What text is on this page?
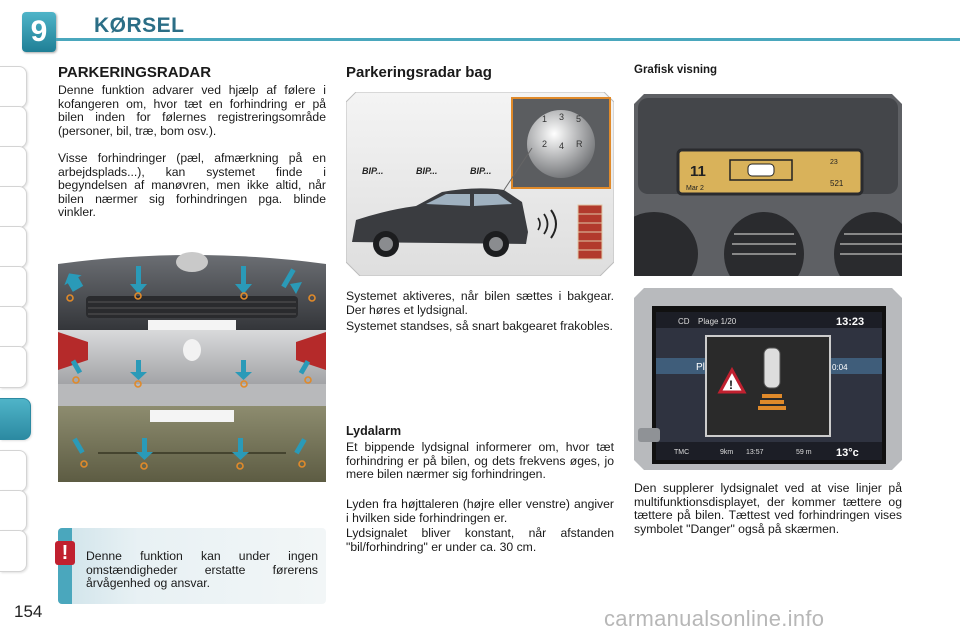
9	KØRSEL
154
PARKERINGSRADAR

Denne funktion advarer ved hjælp af følere i kofangeren om, hvor tæt en forhindring er på bilen inden for følernes registreringsområde (personer, bil, træ, bom osv.).

Visse forhindringer (pæl, afmærkning på en arbejdsplads...), kan systemet finde i begyndelsen af manøvren, men ikke altid, når bilen nærmer sig forhindringen pga. blinde vinkler.

!	Denne funktion kan under ingen omstændigheder erstatte førerens årvågenhed og ansvar.

Parkeringsradar bag
1 3 5
2 4 R
BIP...	BIP...	BIP...

Systemet aktiveres, når bilen sættes i bakgear. Der høres et lydsignal.

Systemet standses, så snart bakgearet frakobles.

Lydalarm

Et bippende lydsignal informerer om, hvor tæt forhindring er på bilen, og dets frekvens øges, jo mere bilen nærmer sig forhindringen.

Lyden fra højttaleren (højre eller venstre) angiver i hvilken side forhindringen er.

Lydsignalet bliver konstant, når afstanden "bil/forhindring" er under ca. 30 cm.

Grafisk visning
11
Mar 2
23
521
CD Plage 1/20	13:23
Pl	0:04
!
TMC	9km 13:57	59 m 13°c

Den supplerer lydsignalet ved at vise linjer på multifunktionsdisplayet, der kommer tættere og tættere på bilen. Tættest ved forhindringen vises symbolet "Danger" også på skærmen.

carmanualsonline.info
